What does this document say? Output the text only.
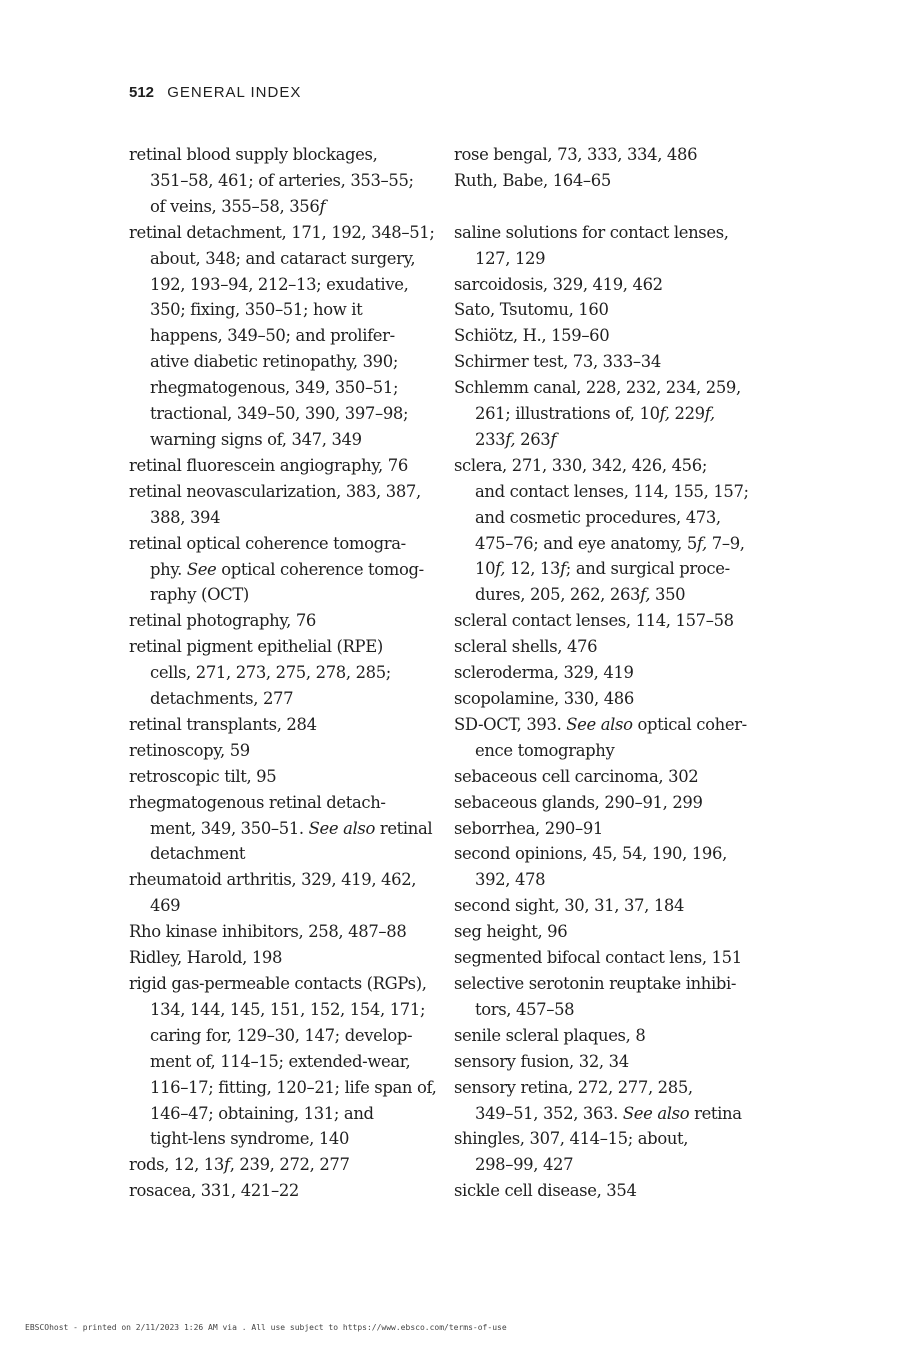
512 GENERAL INDEX
retinal blood supply blockages,
351–58, 461; of arteries, 353–55;
of veins, 355–58, 356f
retinal detachment, 171, 192, 348–51;
about, 348; and cataract surgery,
192, 193–94, 212–13; exudative,
350; fixing, 350–51; how it
happens, 349–50; and prolifer-
ative diabetic retinopathy, 390;
rhegmatogenous, 349, 350–51;
tractional, 349–50, 390, 397–98;
warning signs of, 347, 349
retinal fluorescein angiography, 76
retinal neovascularization, 383, 387,
388, 394
retinal optical coherence tomogra-
phy. See optical coherence tomog-
raphy (OCT)
retinal photography, 76
retinal pigment epithelial (RPE)
cells, 271, 273, 275, 278, 285;
detachments, 277
retinal transplants, 284
retinoscopy, 59
retroscopic tilt, 95
rhegmatogenous retinal detach-
ment, 349, 350–51. See also retinal
detachment
rheumatoid arthritis, 329, 419, 462,
469
Rho kinase inhibitors, 258, 487–88
Ridley, Harold, 198
rigid gas-permeable contacts (RGPs),
134, 144, 145, 151, 152, 154, 171;
caring for, 129–30, 147; develop-
ment of, 114–15; extended-wear,
116–17; fitting, 120–21; life span of,
146–47; obtaining, 131; and
tight-lens syndrome, 140
rods, 12, 13f, 239, 272, 277
rosacea, 331, 421–22
rose bengal, 73, 333, 334, 486
Ruth, Babe, 164–65
saline solutions for contact lenses,
127, 129
sarcoidosis, 329, 419, 462
Sato, Tsutomu, 160
Schiötz, H., 159–60
Schirmer test, 73, 333–34
Schlemm canal, 228, 232, 234, 259,
261; illustrations of, 10f, 229f,
233f, 263f
sclera, 271, 330, 342, 426, 456;
and contact lenses, 114, 155, 157;
and cosmetic procedures, 473,
475–76; and eye anatomy, 5f, 7–9,
10f, 12, 13f; and surgical proce-
dures, 205, 262, 263f, 350
scleral contact lenses, 114, 157–58
scleral shells, 476
scleroderma, 329, 419
scopolamine, 330, 486
SD-OCT, 393. See also optical coher-
ence tomography
sebaceous cell carcinoma, 302
sebaceous glands, 290–91, 299
seborrhea, 290–91
second opinions, 45, 54, 190, 196,
392, 478
second sight, 30, 31, 37, 184
seg height, 96
segmented bifocal contact lens, 151
selective serotonin reuptake inhibi-
tors, 457–58
senile scleral plaques, 8
sensory fusion, 32, 34
sensory retina, 272, 277, 285,
349–51, 352, 363. See also retina
shingles, 307, 414–15; about,
298–99, 427
sickle cell disease, 354
EBSCOhost - printed on 2/11/2023 1:26 AM via . All use subject to https://www.ebsco.com/terms-of-use
